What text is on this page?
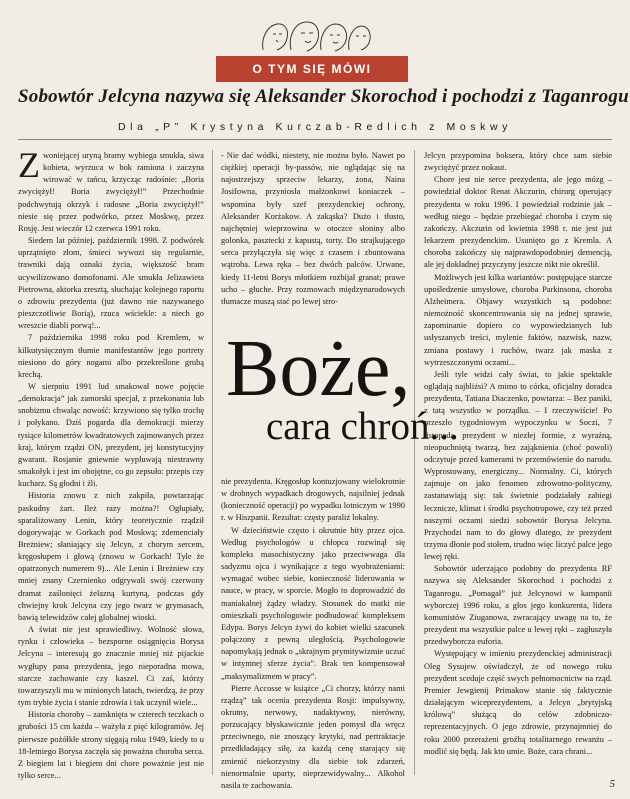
O TYM SIĘ MÓWI
Sobowtór Jelcyna nazywa się Aleksander Skorochod i pochodzi z Taganrogu
Dla „P” Krystyna Kurczab-Redlich z Moskwy

Zwoniejącej uryną bramy wybiega smukła, siwa kobieta, wyrzuca w bok ramiona i zaczyna wirować w tańcu, krzycząc radośnie: „Boria zwyciężył! Boria zwyciężył!” Przechodnie podchwytują okrzyk i radosne „Boria zwyciężył!” niesie się przez podwórko, przez Moskwę, przez Rosję. Jest wieczór 12 czerwca 1991 roku.

Siedem lat później, październik 1998. Z podwórek uprzątnięto złom, śmieci wywozi się regularnie, trawniki dają oznaki życia, większość bram ucywilizowano domofonami. Ale smukła Jelizawieta Pietrowna, aktorka zresztą, słuchając kolejnego raportu o zdrowiu prezydenta (już dawno nie nazywanego pieszczotliwie Borią), rzuca wściekle: a niech go wreszcie diabli porwą!...

7 października 1998 roku pod Kremlem, w kilkutysięcznym tłumie manifestantów jego portrety niesiono do góry nogami albo przekreślone grubą krechą.

W sierpniu 1991 lud smakował nowe pojęcie „demokracja” jak zamorski specjał, z przekonania lub snobizmu chwaląc nowość: krzywiono się tylko trochę i połykano. Dziś pogarda dla demokracji mierzy tysiące kilometrów kwadratowych zajmowanych przez kraj, którym rządzi ON, prezydent, jej konstytucyjny gwarant. Rosjanie gniewnie wypluwają niestrawny smakołyk i jest im obojętne, co go zepsuło: przepis czy kucharz. Są głodni i źli.

Historia znowu z nich zakpiła, powtarzając paskudny żart. Ileż razy można?! Ogłupiały, sparaliżowany Lenin, który teoretycznie rządził dogorywając w Gorkach pod Moskwą; zdemenciały Breżniew; słaniający się Jelcyn, z chorym sercem, kręgosłupem i głową (znowu w Gorkach! Tyle że opatrzonych numerem 9)... Ale Lenin i Breżniew czy mniej znany Czernienko odgrywali swój czerwony dramat zaślonięci żelazną kurtyną, podczas gdy chwiejny krok Jelcyna czy jego twarz w grymasach, bawią telewidzów całej globalnej wioski.

A świat nie jest sprawiedliwy. Wolność słowa, rynku i człowieka – bezsporne osiągnięcia Borysa Jelcyna – interesują go znacznie mniej niż pijackie wygłupy pana prezydenta, jego nieporadna mowa, starcze zachowanie czy kaszel. Ci zaś, którzy towarzyszyli mu w minionych latach, twierdzą, że przy tym trybie życia i stanie zdrowia i tak uczynił wiele...

Historia choroby – zamknięta w czterech teczkach o grubości 15 cm każda – ważyła z pięć kilogramów. Jej pierwsze pożółkłe strony sięgają roku 1949, kiedy to u 18-letniego Borysa zaczęła się poważna choroba serca. Z biegiem lat i biegiem dni chore poważnie jest nie tylko serce...

- Nie dać wódki, niestety, nie można było. Nawet po ciężkiej operacji by-passów, nie oglądając się na najostrzejszy sprzeciw lekarzy, żona, Naina Josifowna, przyniosła małżonkowi koniaczek – wspomina były szef prezydenckiej ochrony, Aleksander Korżakow. A zakąska? Dużo i tłusto, najchętniej wieprzowina w otoczce słoniny albo golonka, pasztecki z kapustą, torty. Do strajkującego serca przyłączyła się więc z czasem i zbuntowana wątroba. Lewa ręka – bez dwóch palców. Urwane, kiedy 11-letni Borys młotkiem rozbijał granat; prawe ucho – głuche. Przy rozmowach międzynarodowych tłumacze muszą stać po lewej stro-

Boże,
cara chroń...

nie prezydenta. Kręgosłup kontuzjowany wielokrotnie w drobnych wypadkach drogowych, najsilniej jednak (konieczność operacji) po wypadku lotniczym w 1990 r. w Hiszpanii. Rezultat: częsty paraliż lokalny.

W dzieciństwie często i okrutnie bity przez ojca. Według psychologów u chłopca rozwinął się kompleks masochistyczny jako przeciwwaga dla sadyzmu ojca i wynikające z tego wyobrażeniami: wymagać wobec siebie, konieczność liderowania w nauce, w pracy, w sporcie. Mogło to doprowadzić do maniakalnej żądzy władzy. Stosunek do matki nie omieszkali psychologowie podbudować kompleksem Edypa. Borys Jelcyn żywi do kobiet wielki szacunek połączony z pewną uległością. Psychologowie napomykają jednak o „skrajnym prymitywizmie uczuć w intymnej sferze życia”. Brak ten kompensował „maksymalizmem w pracy”.

Pierre Accosse w książce „Ci chorzy, którzy nami rządzą” tak ocenia prezydenta Rosji: impulsywny, okrutny, nerwowy, nadaktywny, nierówny, porzucający błyskawicznie jeden pomysł dla wręcz przeciwnego, nie znoszący krytyki, nad pertraktacje przedkładający siłę, za każdą cenę starający się zmienić niekorzystny dla siebie tok zdarzeń, nienormalnie uparty, nieprzewidywalny... Alkohol nasila te zachowania.

Jelcyn przypomina boksera, który chce sam siebie zwyciężyć przez nokaut.

Chore jest nie serce prezydenta, ale jego mózg – powiedział doktor Renat Akczurin, chirurg operujący prezydenta w roku 1996. I powiedział rodzinie jak – według niego – będzie przebiegać choroba i czym się zakończy. Akczurin od kwietnia 1998 r. nie jest już lekarzem prezydenckim. Usunięto go z Kremla. A choroba zakończy się najprawdopodobniej demencją, ale jej dokładnej przyczyny jeszcze nikt nie określił.

Możliwych jest kilka wariantów: postępujące starcze upośledzenie umysłowe, choroba Parkinsona, choroba Alzheimera. Objawy wszystkich są podobne: niemożność skoncentrowania się na jednej sprawie, zapominanie dopiero co wypowiedzianych lub usłyszanych treści, mylenie faktów, nazwisk, nazw, zmiana postawy i ruchów, twarz jak maska z wytrzeszczonymi oczami...

Jeśli tyle widzi cały świat, to jakie spektakle oglądają najbliżsi? A mimo to córka, oficjalny doradca prezydenta, Tatiana Diaczenko, powtarza: – Bez paniki, z tatą wszystko w porządku. – I rzeczywiście! Po przeszło tygodniowym wypoczynku w Soczi, 7 listopada, prezydent w niezłej formie, z wyraźną, nieopuchniętą twarzą, bez zająknienia (choć powoli) odczytuje przed kamerami tv przemówienie do narodu. Wyprostowany, energiczny... Normalny. Ci, których zajmuje on jako fenomen zdrowotno-polityczny, zastanawiają się: tak świetnie podziałały zabiegi lecznicze, klimat i środki psychotropowe, czy też przed naszymi oczami siedzi sobowtór Borysa Jelcyna. Przychodzi nam to do głowy dlatego, że prezydent trzyma dłonie pod stołem, trudno więc liczyć palce jego lewej ręki.

Sobowtór uderzająco podobny do prezydenta RF nazywa się Aleksander Skorochod i pochodzi z Taganrogu. „Pomagał” już Jelcynowi w kampanii wyborczej 1996 roku, a głos jego konkurenta, lidera komunistów Ziuganowa, zwracający uwagę na to, że prezydent ma wszystkie palce u lewej ręki – zagłuszyła przedwyborcza euforia.

Występujący w imieniu prezydenckiej administracji Oleg Sysujew oświadczył, że od nowego roku prezydent scedujе część swych pełnomocnictw na rząd. Premier Jewgienij Primakow stanie się faktycznie działającym wiceprezydentem, a Jelcyn „brytyjską królową” służącą do celów zdobniczo-reprezentacyjnych. O jego zdrowie, przynajmniej do roku 2000 przerażeni groźbą totalitarnego rewanżu – modlić się będą. Jak kto umie. Boże, cara chrani...

5
